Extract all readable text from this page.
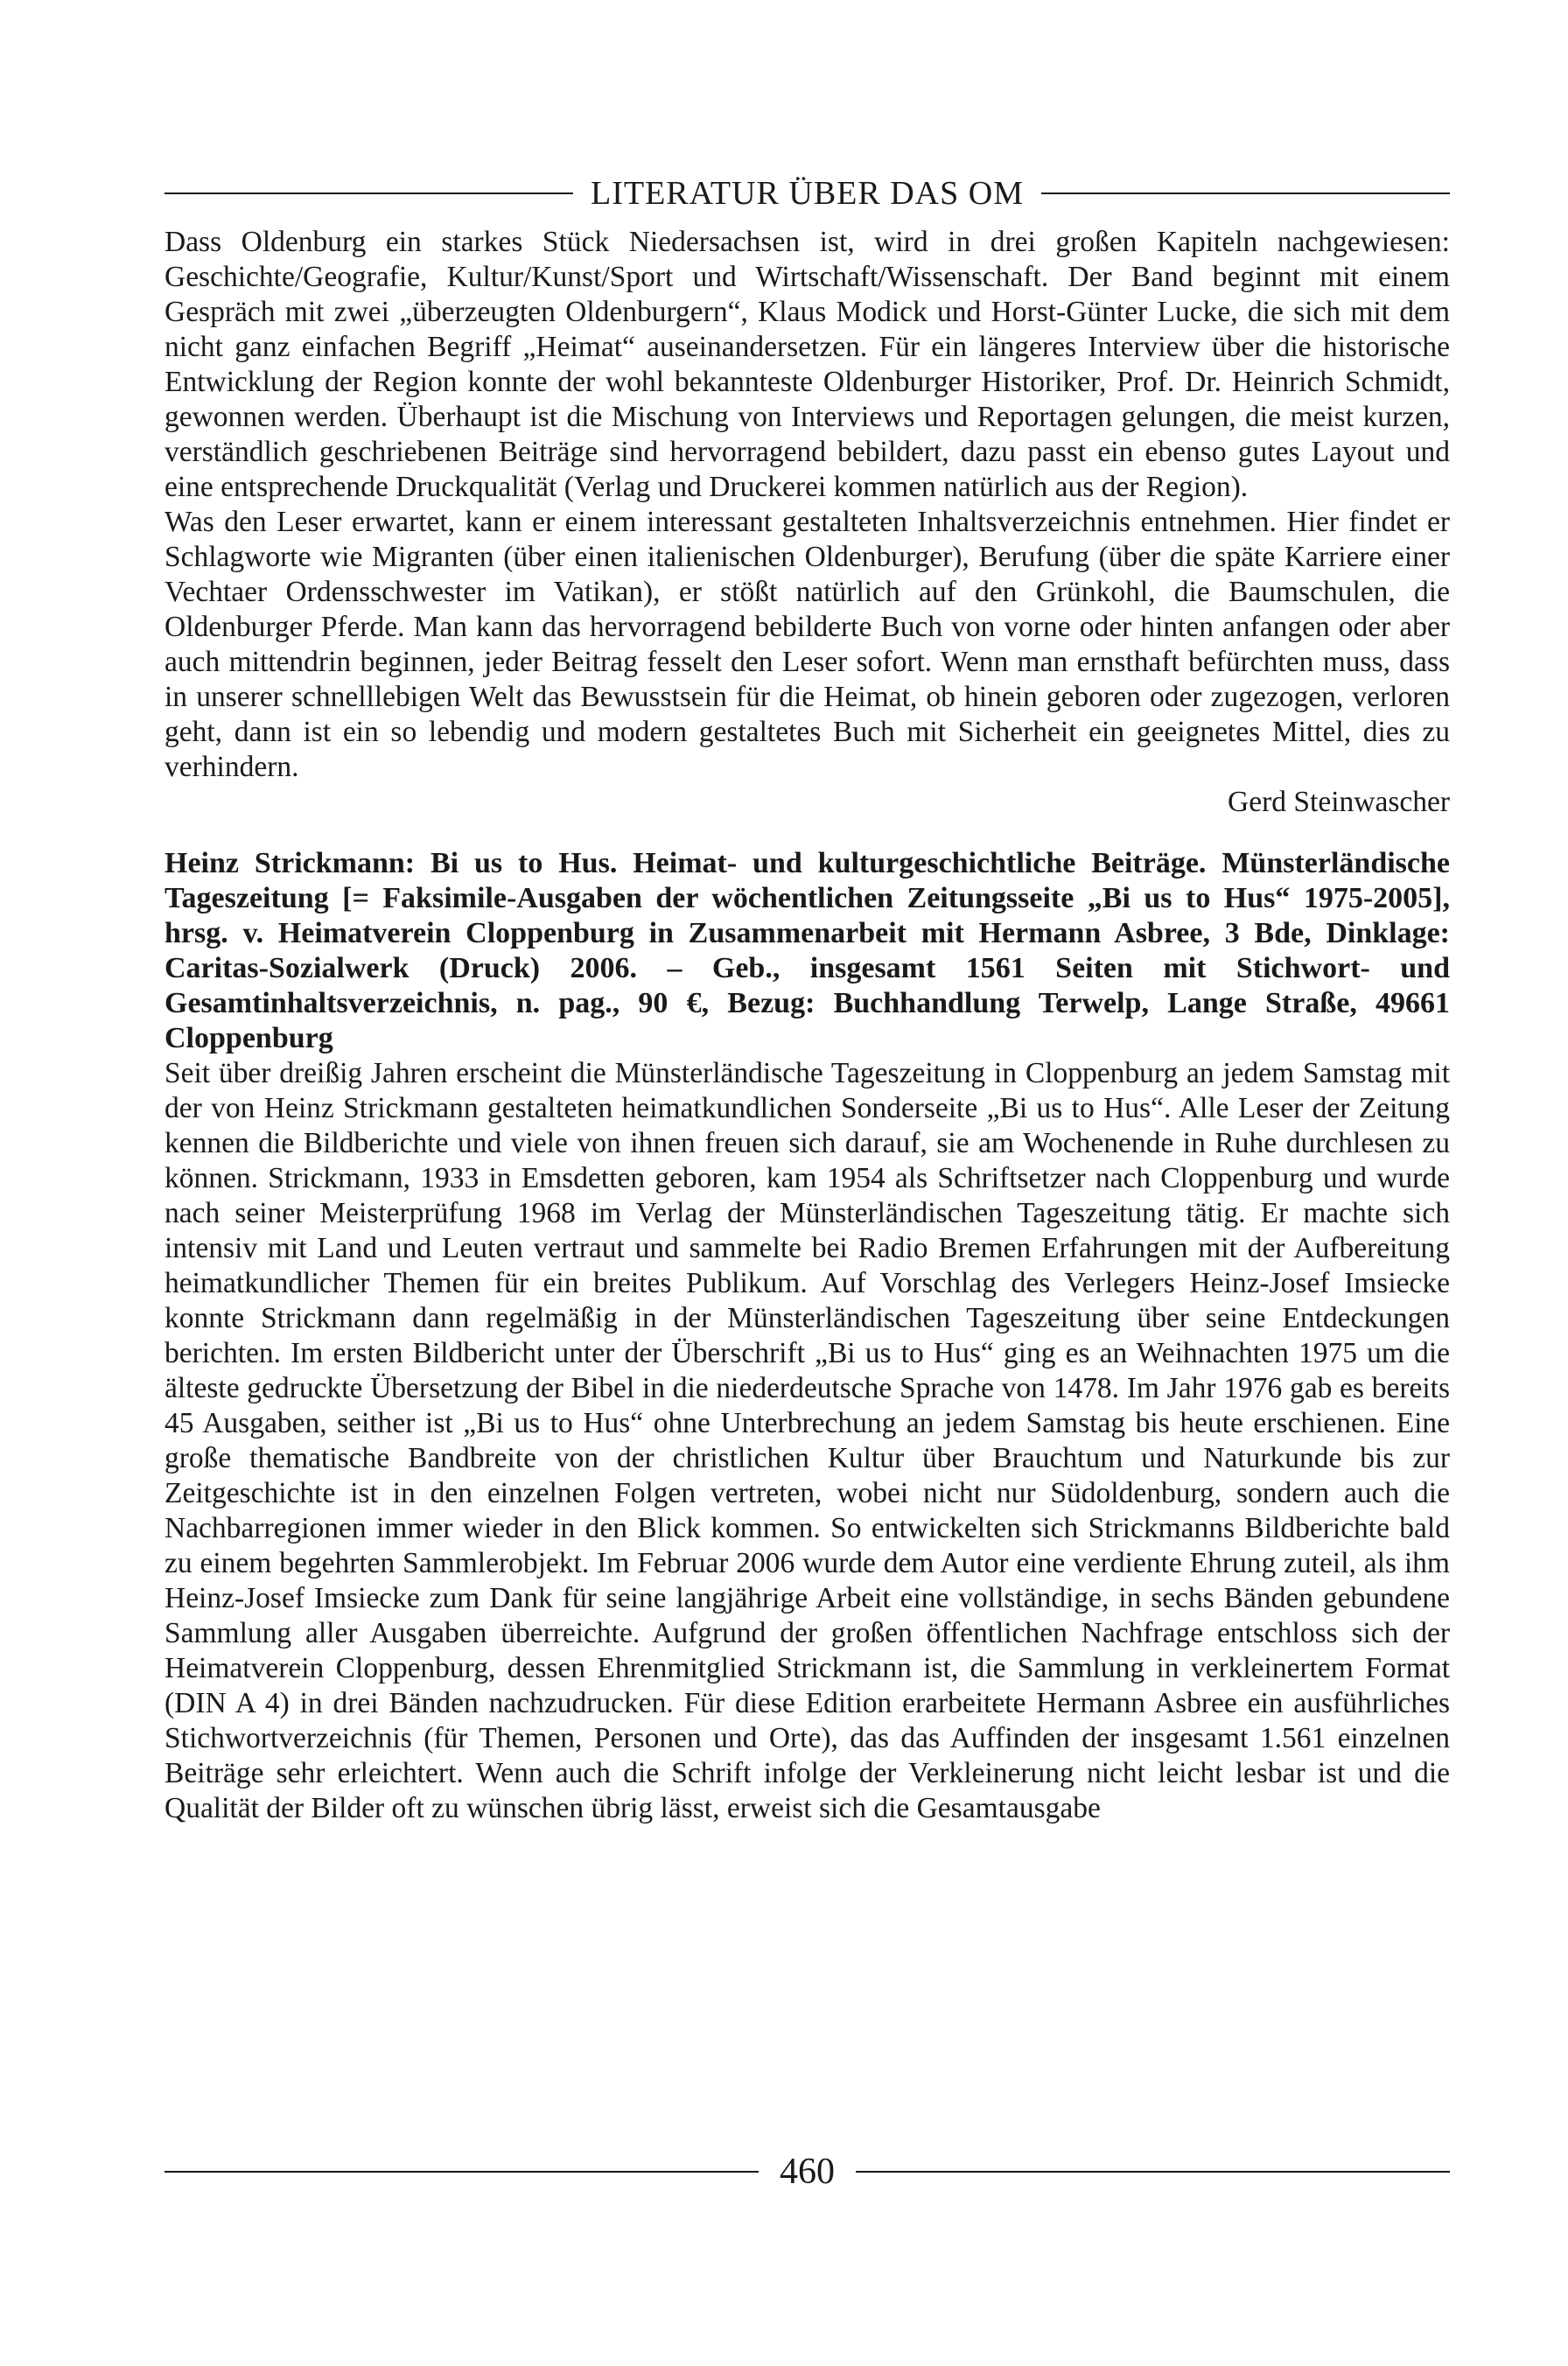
LITERATUR ÜBER DAS OM

Dass Oldenburg ein starkes Stück Niedersachsen ist, wird in drei großen Kapiteln nachgewiesen: Geschichte/Geografie, Kultur/Kunst/Sport und Wirtschaft/Wissenschaft. Der Band beginnt mit einem Gespräch mit zwei „überzeugten Oldenburgern“, Klaus Modick und Horst-Günter Lucke, die sich mit dem nicht ganz einfachen Begriff „Heimat“ auseinandersetzen. Für ein längeres Interview über die historische Entwicklung der Region konnte der wohl bekannteste Oldenburger Historiker, Prof. Dr. Heinrich Schmidt, gewonnen werden. Überhaupt ist die Mischung von Interviews und Reportagen gelungen, die meist kurzen, verständlich geschriebenen Beiträge sind hervorragend bebildert, dazu passt ein ebenso gutes Layout und eine entsprechende Druckqualität (Verlag und Druckerei kommen natürlich aus der Region).

Was den Leser erwartet, kann er einem interessant gestalteten Inhaltsverzeichnis entnehmen. Hier findet er Schlagworte wie Migranten (über einen italienischen Oldenburger), Berufung (über die späte Karriere einer Vechtaer Ordensschwester im Vatikan), er stößt natürlich auf den Grünkohl, die Baumschulen, die Oldenburger Pferde. Man kann das hervorragend bebilderte Buch von vorne oder hinten anfangen oder aber auch mittendrin beginnen, jeder Beitrag fesselt den Leser sofort. Wenn man ernsthaft befürchten muss, dass in unserer schnelllebigen Welt das Bewusstsein für die Heimat, ob hinein geboren oder zugezogen, verloren geht, dann ist ein so lebendig und modern gestaltetes Buch mit Sicherheit ein geeignetes Mittel, dies zu verhindern.

Gerd Steinwascher

Heinz Strickmann: Bi us to Hus. Heimat- und kulturgeschichtliche Beiträge. Münsterländische Tageszeitung [= Faksimile-Ausgaben der wöchentlichen Zeitungsseite „Bi us to Hus“ 1975-2005], hrsg. v. Heimatverein Cloppenburg in Zusammenarbeit mit Hermann Asbree, 3 Bde, Dinklage: Caritas-Sozialwerk (Druck) 2006. – Geb., insgesamt 1561 Seiten mit Stichwort- und Gesamtinhaltsverzeichnis, n. pag., 90 €, Bezug: Buchhandlung Terwelp, Lange Straße, 49661 Cloppenburg

Seit über dreißig Jahren erscheint die Münsterländische Tageszeitung in Cloppenburg an jedem Samstag mit der von Heinz Strickmann gestalteten heimatkundlichen Sonderseite „Bi us to Hus“. Alle Leser der Zeitung kennen die Bildberichte und viele von ihnen freuen sich darauf, sie am Wochenende in Ruhe durchlesen zu können. Strickmann, 1933 in Emsdetten geboren, kam 1954 als Schriftsetzer nach Cloppenburg und wurde nach seiner Meisterprüfung 1968 im Verlag der Münsterländischen Tageszeitung tätig. Er machte sich intensiv mit Land und Leuten vertraut und sammelte bei Radio Bremen Erfahrungen mit der Aufbereitung heimatkundlicher Themen für ein breites Publikum. Auf Vorschlag des Verlegers Heinz-Josef Imsiecke konnte Strickmann dann regelmäßig in der Münsterländischen Tageszeitung über seine Entdeckungen berichten. Im ersten Bildbericht unter der Überschrift „Bi us to Hus“ ging es an Weihnachten 1975 um die älteste gedruckte Übersetzung der Bibel in die niederdeutsche Sprache von 1478. Im Jahr 1976 gab es bereits 45 Ausgaben, seither ist „Bi us to Hus“ ohne Unterbrechung an jedem Samstag bis heute erschienen. Eine große thematische Bandbreite von der christlichen Kultur über Brauchtum und Naturkunde bis zur Zeitgeschichte ist in den einzelnen Folgen vertreten, wobei nicht nur Südoldenburg, sondern auch die Nachbarregionen immer wieder in den Blick kommen. So entwickelten sich Strickmanns Bildberichte bald zu einem begehrten Sammlerobjekt. Im Februar 2006 wurde dem Autor eine verdiente Ehrung zuteil, als ihm Heinz-Josef Imsiecke zum Dank für seine langjährige Arbeit eine vollständige, in sechs Bänden gebundene Sammlung aller Ausgaben überreichte. Aufgrund der großen öffentlichen Nachfrage entschloss sich der Heimatverein Cloppenburg, dessen Ehrenmitglied Strickmann ist, die Sammlung in verkleinertem Format (DIN A 4) in drei Bänden nachzudrucken. Für diese Edition erarbeitete Hermann Asbree ein ausführliches Stichwortverzeichnis (für Themen, Personen und Orte), das das Auffinden der insgesamt 1.561 einzelnen Beiträge sehr erleichtert. Wenn auch die Schrift infolge der Verkleinerung nicht leicht lesbar ist und die Qualität der Bilder oft zu wünschen übrig lässt, erweist sich die Gesamtausgabe

460
